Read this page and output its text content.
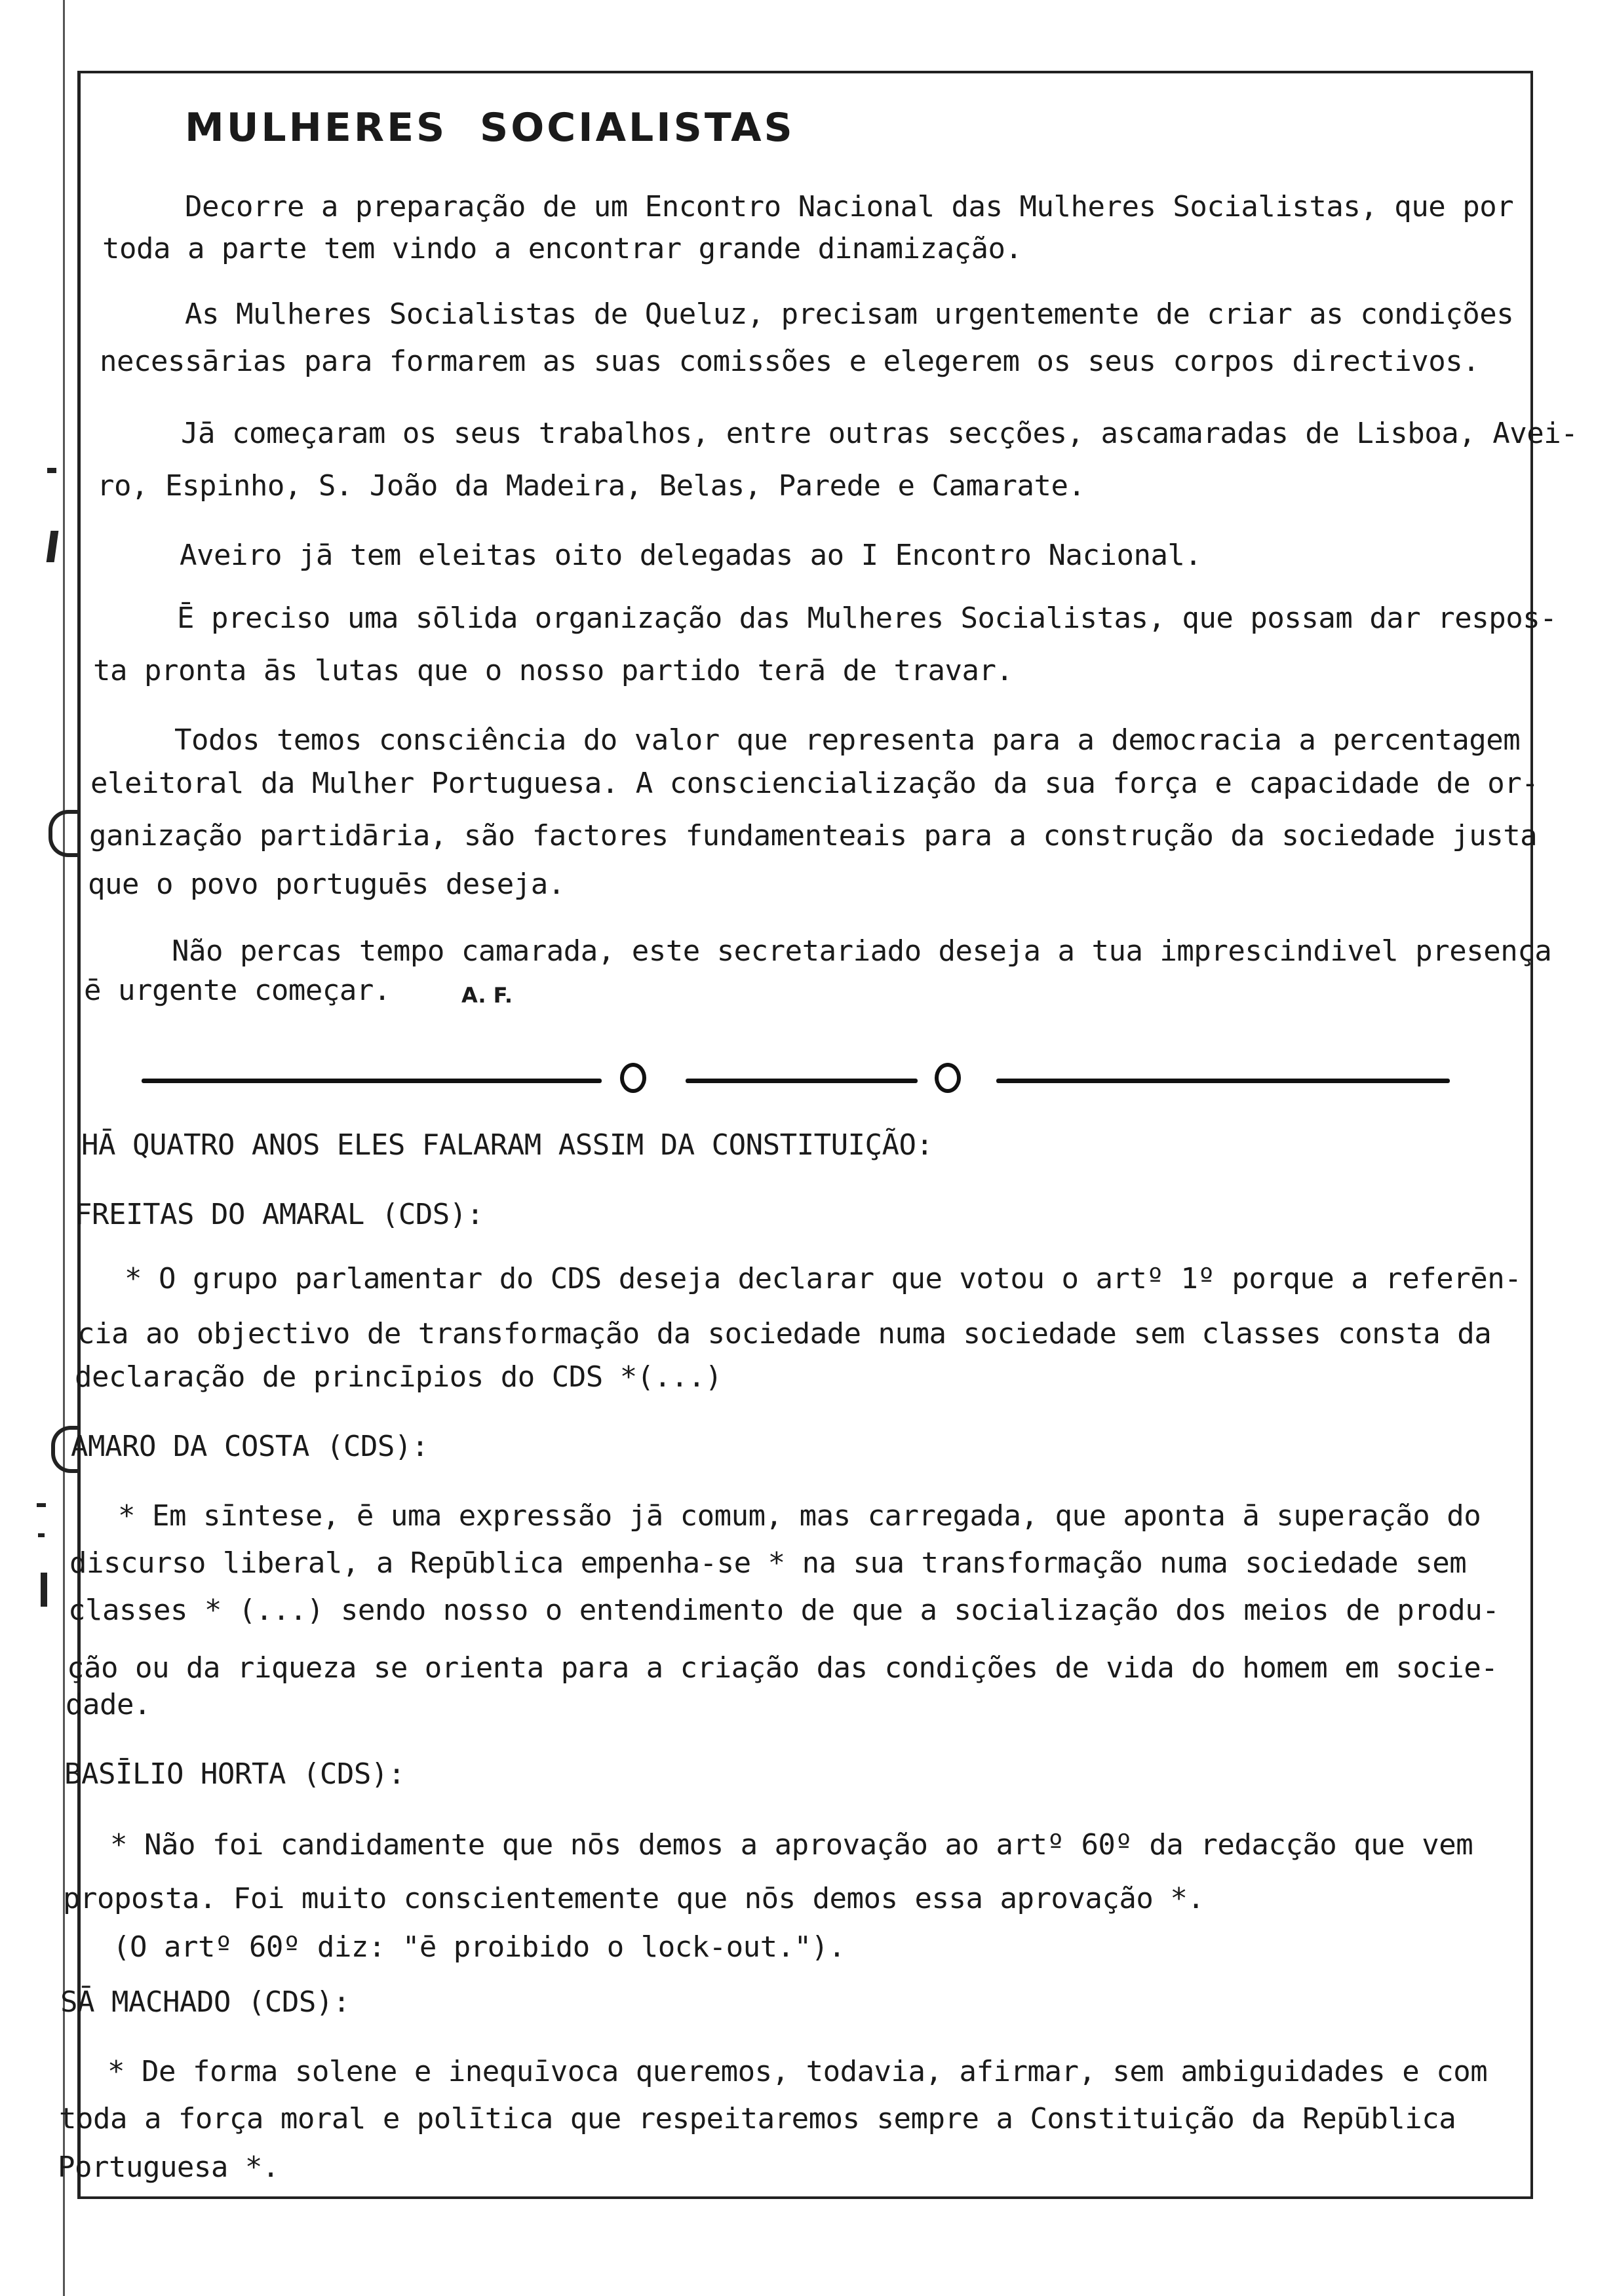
MULHERES  SOCIALISTAS
Decorre a preparação de um Encontro Nacional das Mulheres Socialistas, que por
toda a parte tem vindo a encontrar grande dinamização.
As Mulheres Socialistas de Queluz, precisam urgentemente de criar as condições
necessārias para formarem as suas comissões e elegerem os seus corpos directivos.
Jā começaram os seus trabalhos, entre outras secções, ascamaradas de Lisboa, Avei-
ro, Espinho, S. João da Madeira, Belas, Parede e Camarate.
Aveiro jā tem eleitas oito delegadas ao I Encontro Nacional.
Ē preciso uma sōlida organização das Mulheres Socialistas, que possam dar respos-
ta pronta ās lutas que o nosso partido terā de travar.
Todos temos consciência do valor que representa para a democracia a percentagem
eleitoral da Mulher Portuguesa. A consciencialização da sua força e capacidade de or-
ganização partidāria, são factores fundamenteais para a construção da sociedade justa
que o povo portuguēs deseja.
Não percas tempo camarada, este secretariado deseja a tua imprescindivel presença
ē urgente começar.	A. F.
HĀ QUATRO ANOS ELES FALARAM ASSIM DA CONSTITUIÇÃO:
FREITAS DO AMARAL (CDS):
* O grupo parlamentar do CDS deseja declarar que votou o artº 1º porque a referēn-
cia ao objectivo de transformação da sociedade numa sociedade sem classes consta da
declaração de princīpios do CDS *(...)
AMARO DA COSTA (CDS):
* Em sīntese, ē uma expressão jā comum, mas carregada, que aponta ā superação do
discurso liberal, a Repūblica empenha-se * na sua transformação numa sociedade sem
classes * (...) sendo nosso o entendimento de que a socialização dos meios de produ-
ção ou da riqueza se orienta para a criação das condições de vida do homem em socie-
dade.
BASĪLIO HORTA (CDS):
* Não foi candidamente que nōs demos a aprovação ao artº 60º da redacção que vem
proposta. Foi muito conscientemente que nōs demos essa aprovação *.
(O artº 60º diz: "ē proibido o lock-out.").
SĀ MACHADO (CDS):
* De forma solene e inequīvoca queremos, todavia, afirmar, sem ambiguidades e com
toda a força moral e polītica que respeitaremos sempre a Constituição da Repūblica
Portuguesa *.
